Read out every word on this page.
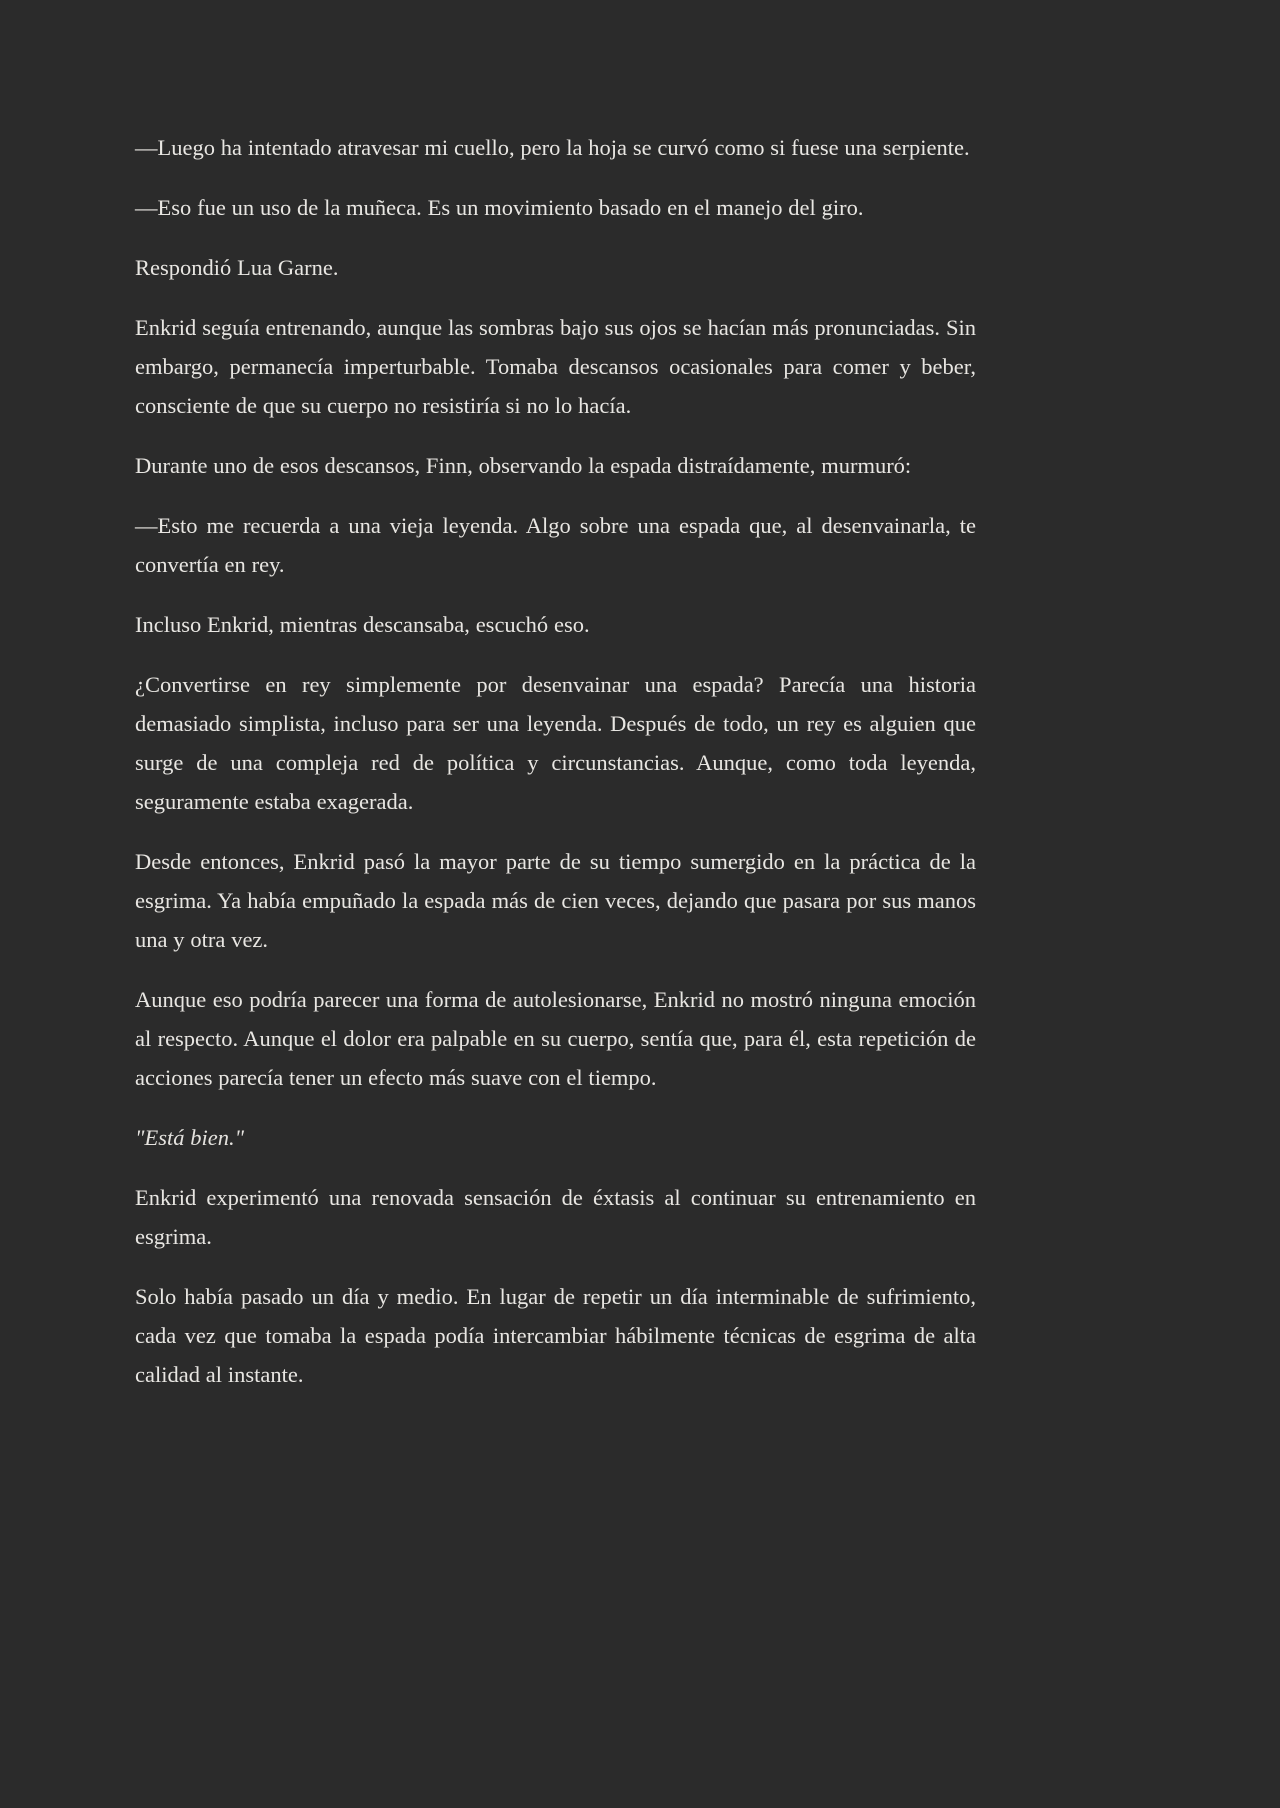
—Luego ha intentado atravesar mi cuello, pero la hoja se curvó como si fuese una serpiente.

—Eso fue un uso de la muñeca. Es un movimiento basado en el manejo del giro.

Respondió Lua Garne.

Enkrid seguía entrenando, aunque las sombras bajo sus ojos se hacían más pronunciadas. Sin embargo, permanecía imperturbable. Tomaba descansos ocasionales para comer y beber, consciente de que su cuerpo no resistiría si no lo hacía.

Durante uno de esos descansos, Finn, observando la espada distraídamente, murmuró:

—Esto me recuerda a una vieja leyenda. Algo sobre una espada que, al desenvainarla, te convertía en rey.

Incluso Enkrid, mientras descansaba, escuchó eso.

¿Convertirse en rey simplemente por desenvainar una espada? Parecía una historia demasiado simplista, incluso para ser una leyenda. Después de todo, un rey es alguien que surge de una compleja red de política y circunstancias. Aunque, como toda leyenda, seguramente estaba exagerada.

Desde entonces, Enkrid pasó la mayor parte de su tiempo sumergido en la práctica de la esgrima. Ya había empuñado la espada más de cien veces, dejando que pasara por sus manos una y otra vez.

Aunque eso podría parecer una forma de autolesionarse, Enkrid no mostró ninguna emoción al respecto. Aunque el dolor era palpable en su cuerpo, sentía que, para él, esta repetición de acciones parecía tener un efecto más suave con el tiempo.

"Está bien."

Enkrid experimentó una renovada sensación de éxtasis al continuar su entrenamiento en esgrima.

Solo había pasado un día y medio. En lugar de repetir un día interminable de sufrimiento, cada vez que tomaba la espada podía intercambiar hábilmente técnicas de esgrima de alta calidad al instante.
